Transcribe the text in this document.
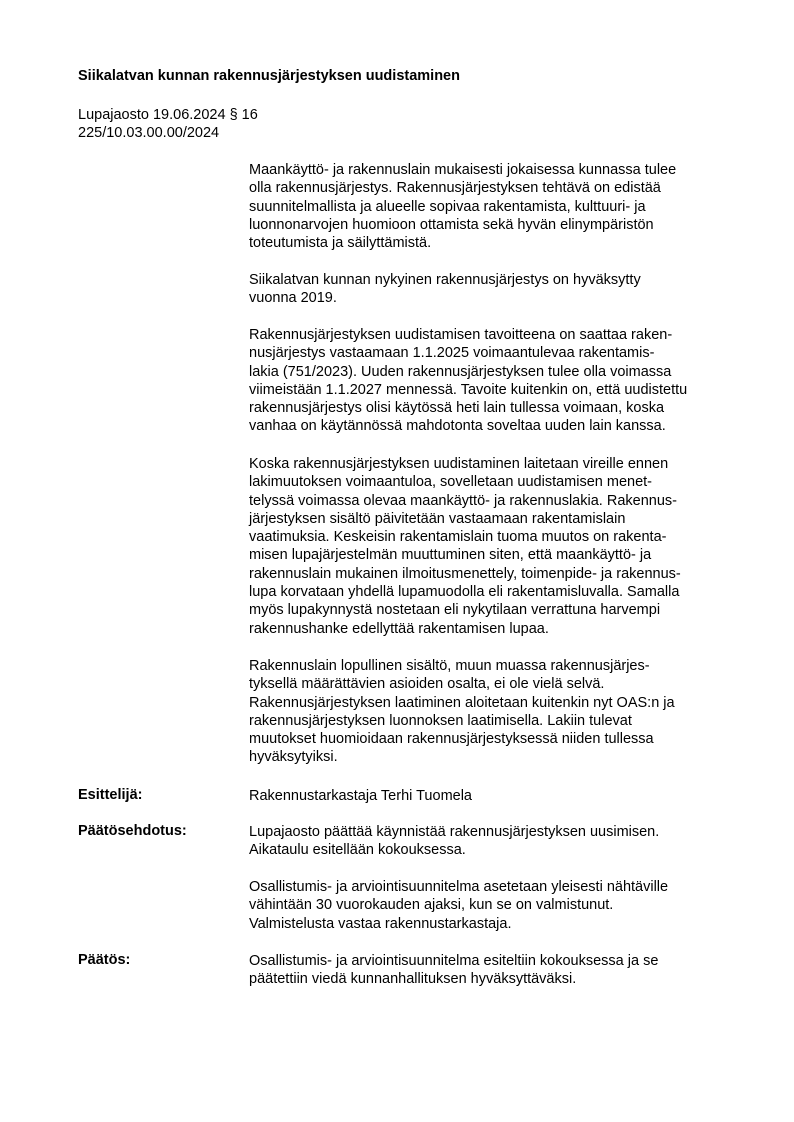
Siikalatvan kunnan rakennusjärjestyksen uudistaminen
Lupajaosto 19.06.2024 § 16
225/10.03.00.00/2024

Maankäyttö- ja rakennuslain mukaisesti jokaisessa kunnassa tulee
olla rakennusjärjestys. Rakennusjärjestyksen tehtävä on edistää
suunnitelmallista ja alueelle sopivaa rakentamista, kulttuuri- ja
luonnonarvojen huomioon ottamista sekä hyvän elinympäristön
toteutumista ja säilyttämistä.

Siikalatvan kunnan nykyinen rakennusjärjestys on hyväksytty
vuonna 2019.

Rakennusjärjestyksen uudistamisen tavoitteena on saattaa raken-
nusjärjestys vastaamaan 1.1.2025 voimaantulevaa rakentamis-
lakia (751/2023). Uuden rakennusjärjestyksen tulee olla voimassa
viimeistään 1.1.2027 mennessä. Tavoite kuitenkin on, että uudistettu
rakennusjärjestys olisi käytössä heti lain tullessa voimaan, koska
vanhaa on käytännössä mahdotonta soveltaa uuden lain kanssa.

Koska rakennusjärjestyksen uudistaminen laitetaan vireille ennen
lakimuutoksen voimaantuloa, sovelletaan uudistamisen menet-
telyssä voimassa olevaa maankäyttö- ja rakennuslakia. Rakennus-
järjestyksen sisältö päivitetään vastaamaan rakentamislain
vaatimuksia. Keskeisin rakentamislain tuoma muutos on rakenta-
misen lupajärjestelmän muuttuminen siten, että maankäyttö- ja
rakennuslain mukainen ilmoitusmenettely, toimenpide- ja rakennus-
lupa korvataan yhdellä lupamuodolla eli rakentamisluvalla. Samalla
myös lupakynnystä nostetaan eli nykytilaan verrattuna harvempi
rakennushanke edellyttää rakentamisen lupaa.

Rakennuslain lopullinen sisältö, muun muassa rakennusjärjes-
tyksellä määrättävien asioiden osalta, ei ole vielä selvä.
Rakennusjärjestyksen laatiminen aloitetaan kuitenkin nyt OAS:n ja
rakennusjärjestyksen luonnoksen laatimisella. Lakiin tulevat
muutokset huomioidaan rakennusjärjestyksessä niiden tullessa
hyväksytyiksi.

Esittelijä:	Rakennustarkastaja Terhi Tuomela

Päätösehdotus:	Lupajaosto päättää käynnistää rakennusjärjestyksen uusimisen.
Aikataulu esitellään kokouksessa.

Osallistumis- ja arviointisuunnitelma asetetaan yleisesti nähtäville
vähintään 30 vuorokauden ajaksi, kun se on valmistunut.
Valmistelusta vastaa rakennustarkastaja.

Päätös:	Osallistumis- ja arviointisuunnitelma esiteltiin kokouksessa ja se
päätettiin viedä kunnanhallituksen hyväksyttäväksi.
